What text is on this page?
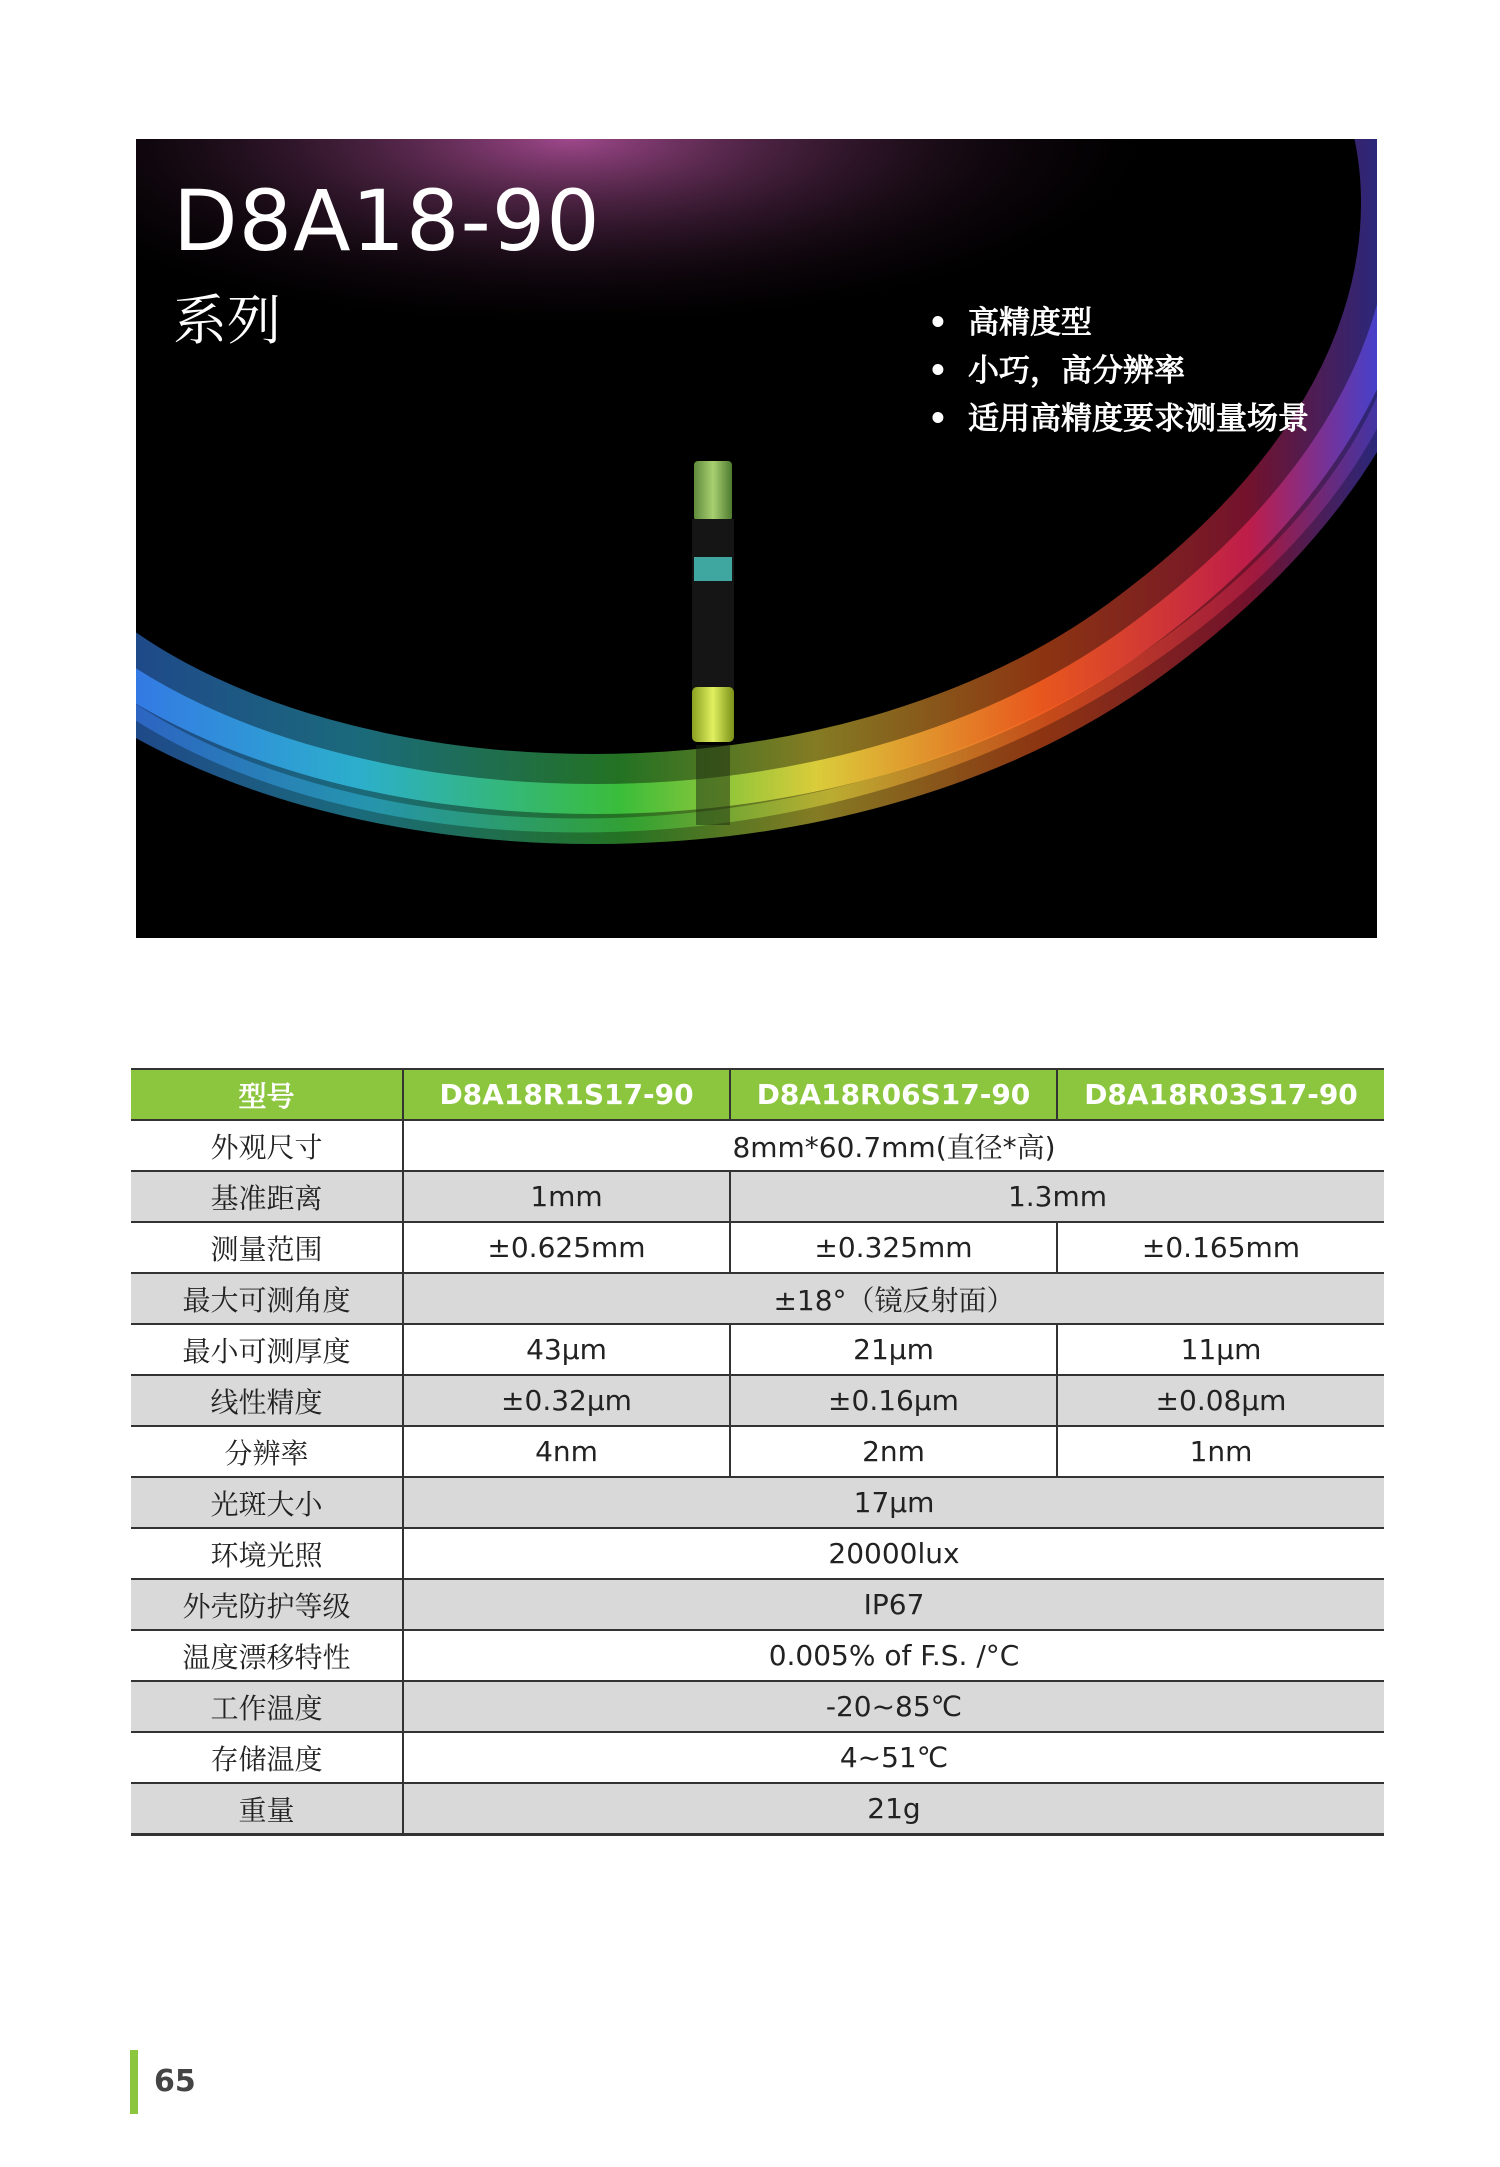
D8A18-90
系列	• 高精度型
• 小巧，高分辨率
• 适用高精度要求测量场景
型号	D8A18R1S17-90	D8A18R06S17-90	D8A18R03S17-90
外观尺寸	8mm*60.7mm(直径*高)		
基准距离	1mm	1.3mm	
测量范围	±0.625mm	±0.325mm	±0.165mm
最大可测角度	±18°（镜反射面）		
最小可测厚度	43μm	21μm	11μm
线性精度	±0.32μm	±0.16μm	±0.08μm
分辨率	4nm	2nm	1nm
光斑大小	17μm		
环境光照	20000lux		
外壳防护等级	IP67		
温度漂移特性	0.005% of F.S. /°C		
工作温度	-20~85℃		
存储温度	4~51℃		
重量	21g		
65
